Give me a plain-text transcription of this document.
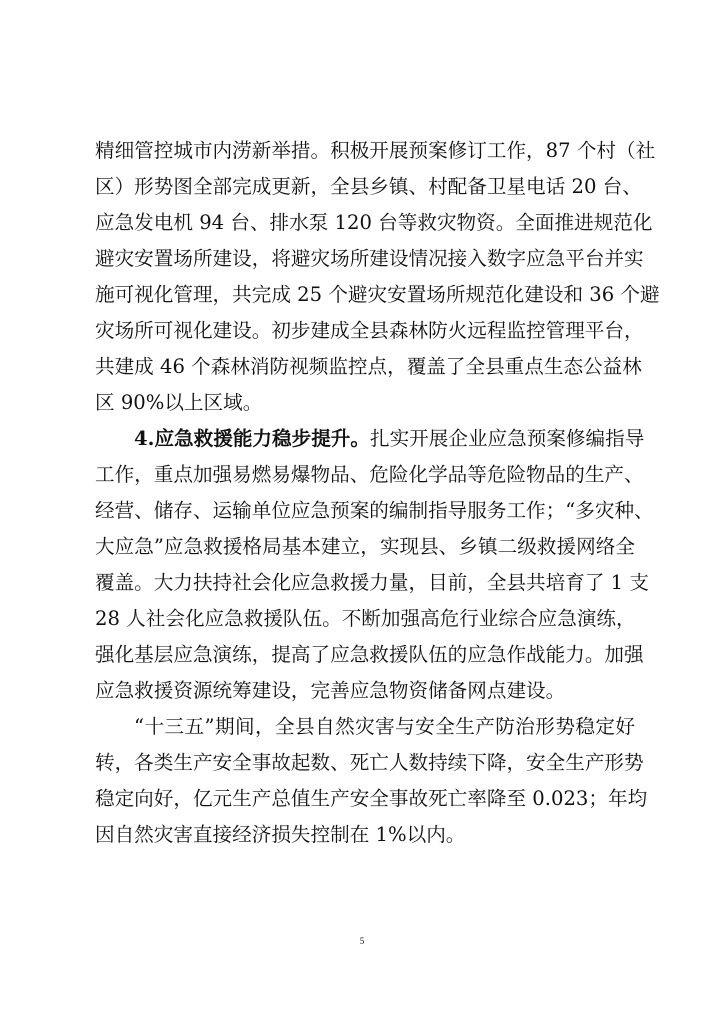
精细管控城市内涝新举措。积极开展预案修订工作，87 个村（社
区）形势图全部完成更新，全县乡镇、村配备卫星电话 20 台、
应急发电机 94 台、排水泵 120 台等救灾物资。全面推进规范化
避灾安置场所建设，将避灾场所建设情况接入数字应急平台并实
施可视化管理，共完成 25 个避灾安置场所规范化建设和 36 个避
灾场所可视化建设。初步建成全县森林防火远程监控管理平台，
共建成 46 个森林消防视频监控点，覆盖了全县重点生态公益林
区 90%以上区域。
4.应急救援能力稳步提升。扎实开展企业应急预案修编指导
工作，重点加强易燃易爆物品、危险化学品等危险物品的生产、
经营、储存、运输单位应急预案的编制指导服务工作；“多灾种、
大应急”应急救援格局基本建立，实现县、乡镇二级救援网络全
覆盖。大力扶持社会化应急救援力量，目前，全县共培育了 1 支
28 人社会化应急救援队伍。不断加强高危行业综合应急演练，
强化基层应急演练，提高了应急救援队伍的应急作战能力。加强
应急救援资源统筹建设，完善应急物资储备网点建设。
“十三五”期间，全县自然灾害与安全生产防治形势稳定好
转，各类生产安全事故起数、死亡人数持续下降，安全生产形势
稳定向好，亿元生产总值生产安全事故死亡率降至 0.023；年均
因自然灾害直接经济损失控制在 1%以内。
5
